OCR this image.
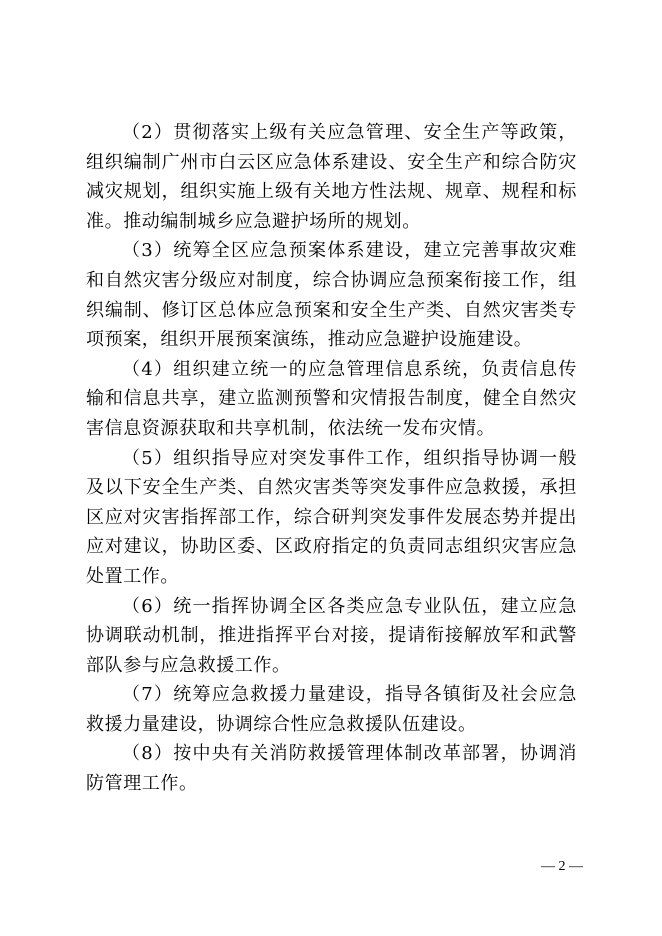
（2）贯彻落实上级有关应急管理、安全生产等政策，组织编制广州市白云区应急体系建设、安全生产和综合防灾减灾规划，组织实施上级有关地方性法规、规章、规程和标准。推动编制城乡应急避护场所的规划。

（3）统筹全区应急预案体系建设，建立完善事故灾难和自然灾害分级应对制度，综合协调应急预案衔接工作，组织编制、修订区总体应急预案和安全生产类、自然灾害类专项预案，组织开展预案演练，推动应急避护设施建设。

（4）组织建立统一的应急管理信息系统，负责信息传输和信息共享，建立监测预警和灾情报告制度，健全自然灾害信息资源获取和共享机制，依法统一发布灾情。

（5）组织指导应对突发事件工作，组织指导协调一般及以下安全生产类、自然灾害类等突发事件应急救援，承担区应对灾害指挥部工作，综合研判突发事件发展态势并提出应对建议，协助区委、区政府指定的负责同志组织灾害应急处置工作。

（6）统一指挥协调全区各类应急专业队伍，建立应急协调联动机制，推进指挥平台对接，提请衔接解放军和武警部队参与应急救援工作。

（7）统筹应急救援力量建设，指导各镇街及社会应急救援力量建设，协调综合性应急救援队伍建设。

（8）按中央有关消防救援管理体制改革部署，协调消防管理工作。

— 2 —
